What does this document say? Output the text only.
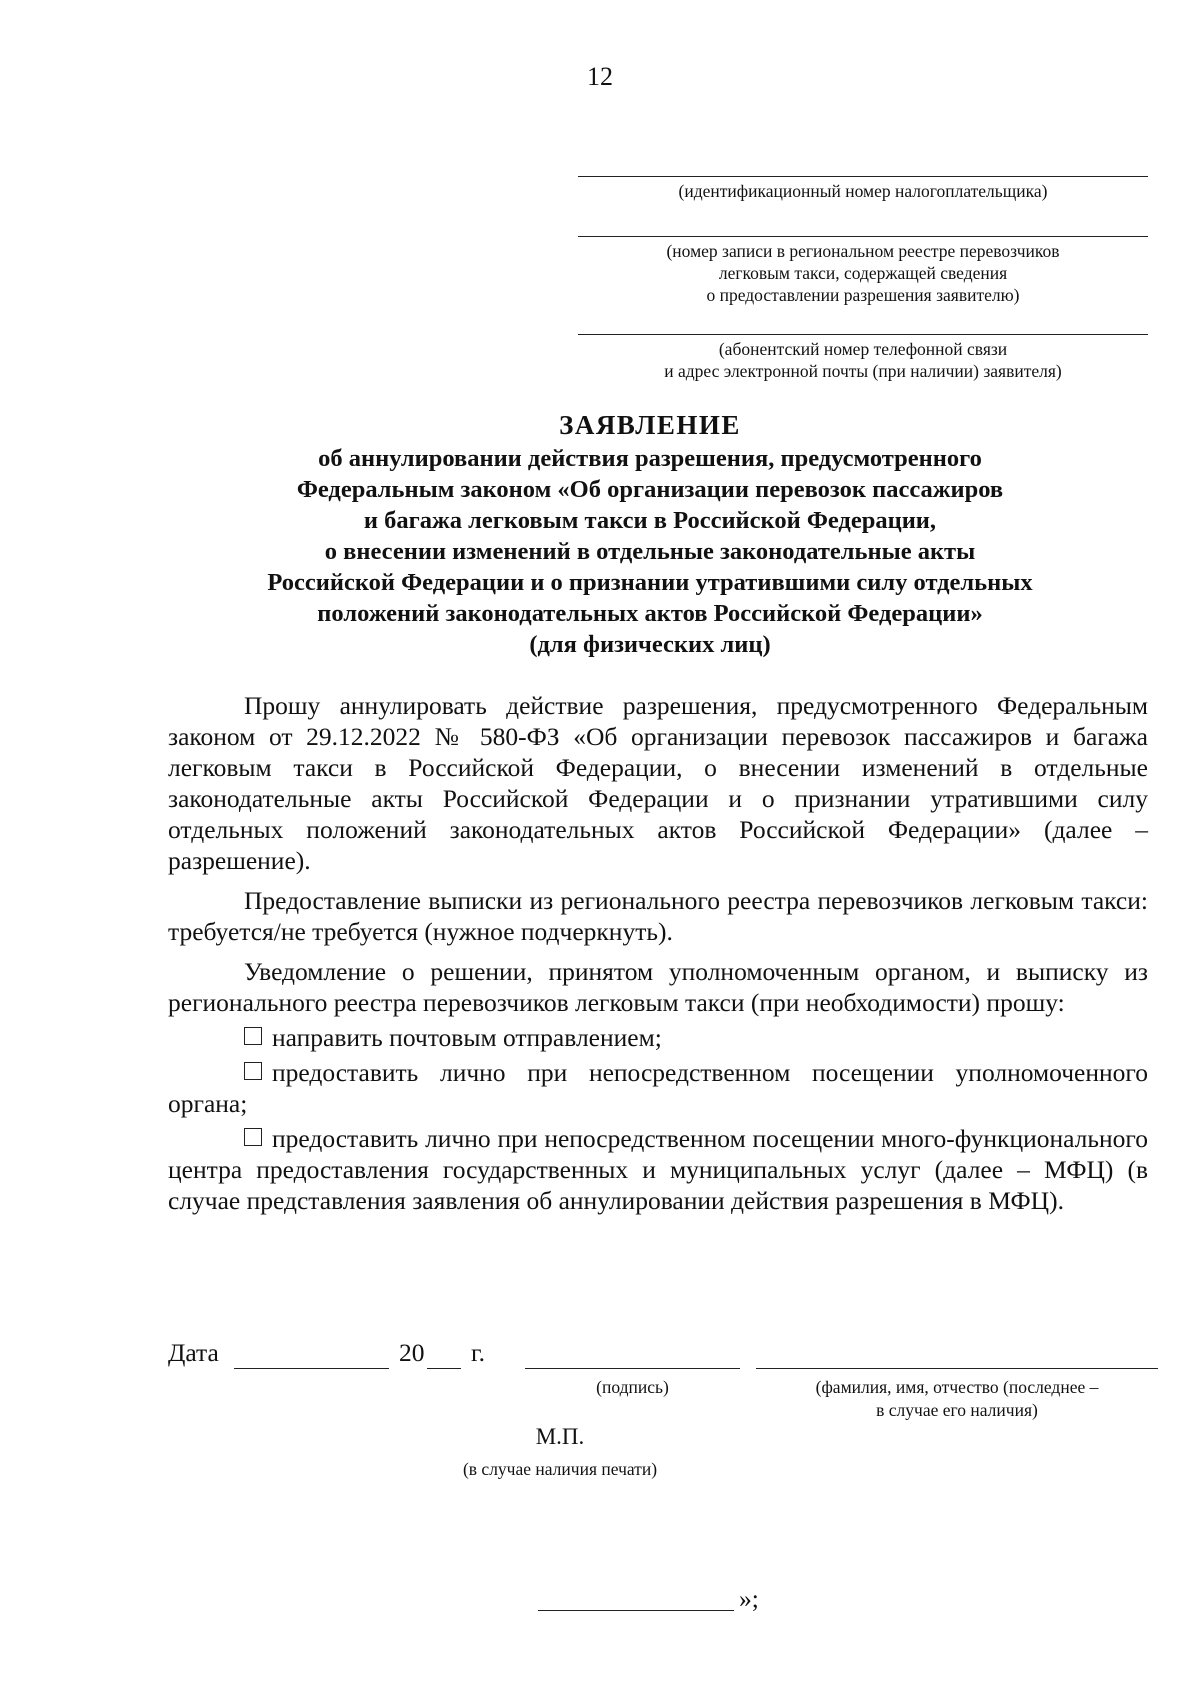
12
(идентификационный номер налогоплательщика)
(номер записи в региональном реестре перевозчиков
легковым такси, содержащей сведения
о предоставлении разрешения заявителю)
(абонентский номер телефонной связи
и адрес электронной почты (при наличии) заявителя)
ЗАЯВЛЕНИЕ
об аннулировании действия разрешения, предусмотренного
Федеральным законом «Об организации перевозок пассажиров
и багажа легковым такси в Российской Федерации,
о внесении изменений в отдельные законодательные акты
Российской Федерации и о признании утратившими силу отдельных
положений законодательных актов Российской Федерации»
(для физических лиц)

Прошу аннулировать действие разрешения, предусмотренного Федеральным законом от 29.12.2022 № 580-ФЗ «Об организации перевозок пассажиров и багажа легковым такси в Российской Федерации, о внесении изменений в отдельные законодательные акты Российской Федерации и о признании утратившими силу отдельных положений законодательных актов Российской Федерации» (далее – разрешение).

Предоставление выписки из регионального реестра перевозчиков легковым такси: требуется/не требуется (нужное подчеркнуть).

Уведомление о решении, принятом уполномоченным органом, и выписку из регионального реестра перевозчиков легковым такси (при необходимости) прошу:

направить почтовым отправлением;

предоставить лично при непосредственном посещении уполномоченного органа;

предоставить лично при непосредственном посещении много-функционального центра предоставления государственных и муниципальных услуг (далее – МФЦ) (в случае представления заявления об аннулировании действия разрешения в МФЦ).

Дата	20 г.
(подпись)	(фамилия, имя, отчество (последнее –
в случае его наличия)
М.П.
(в случае наличия печати)
»;
